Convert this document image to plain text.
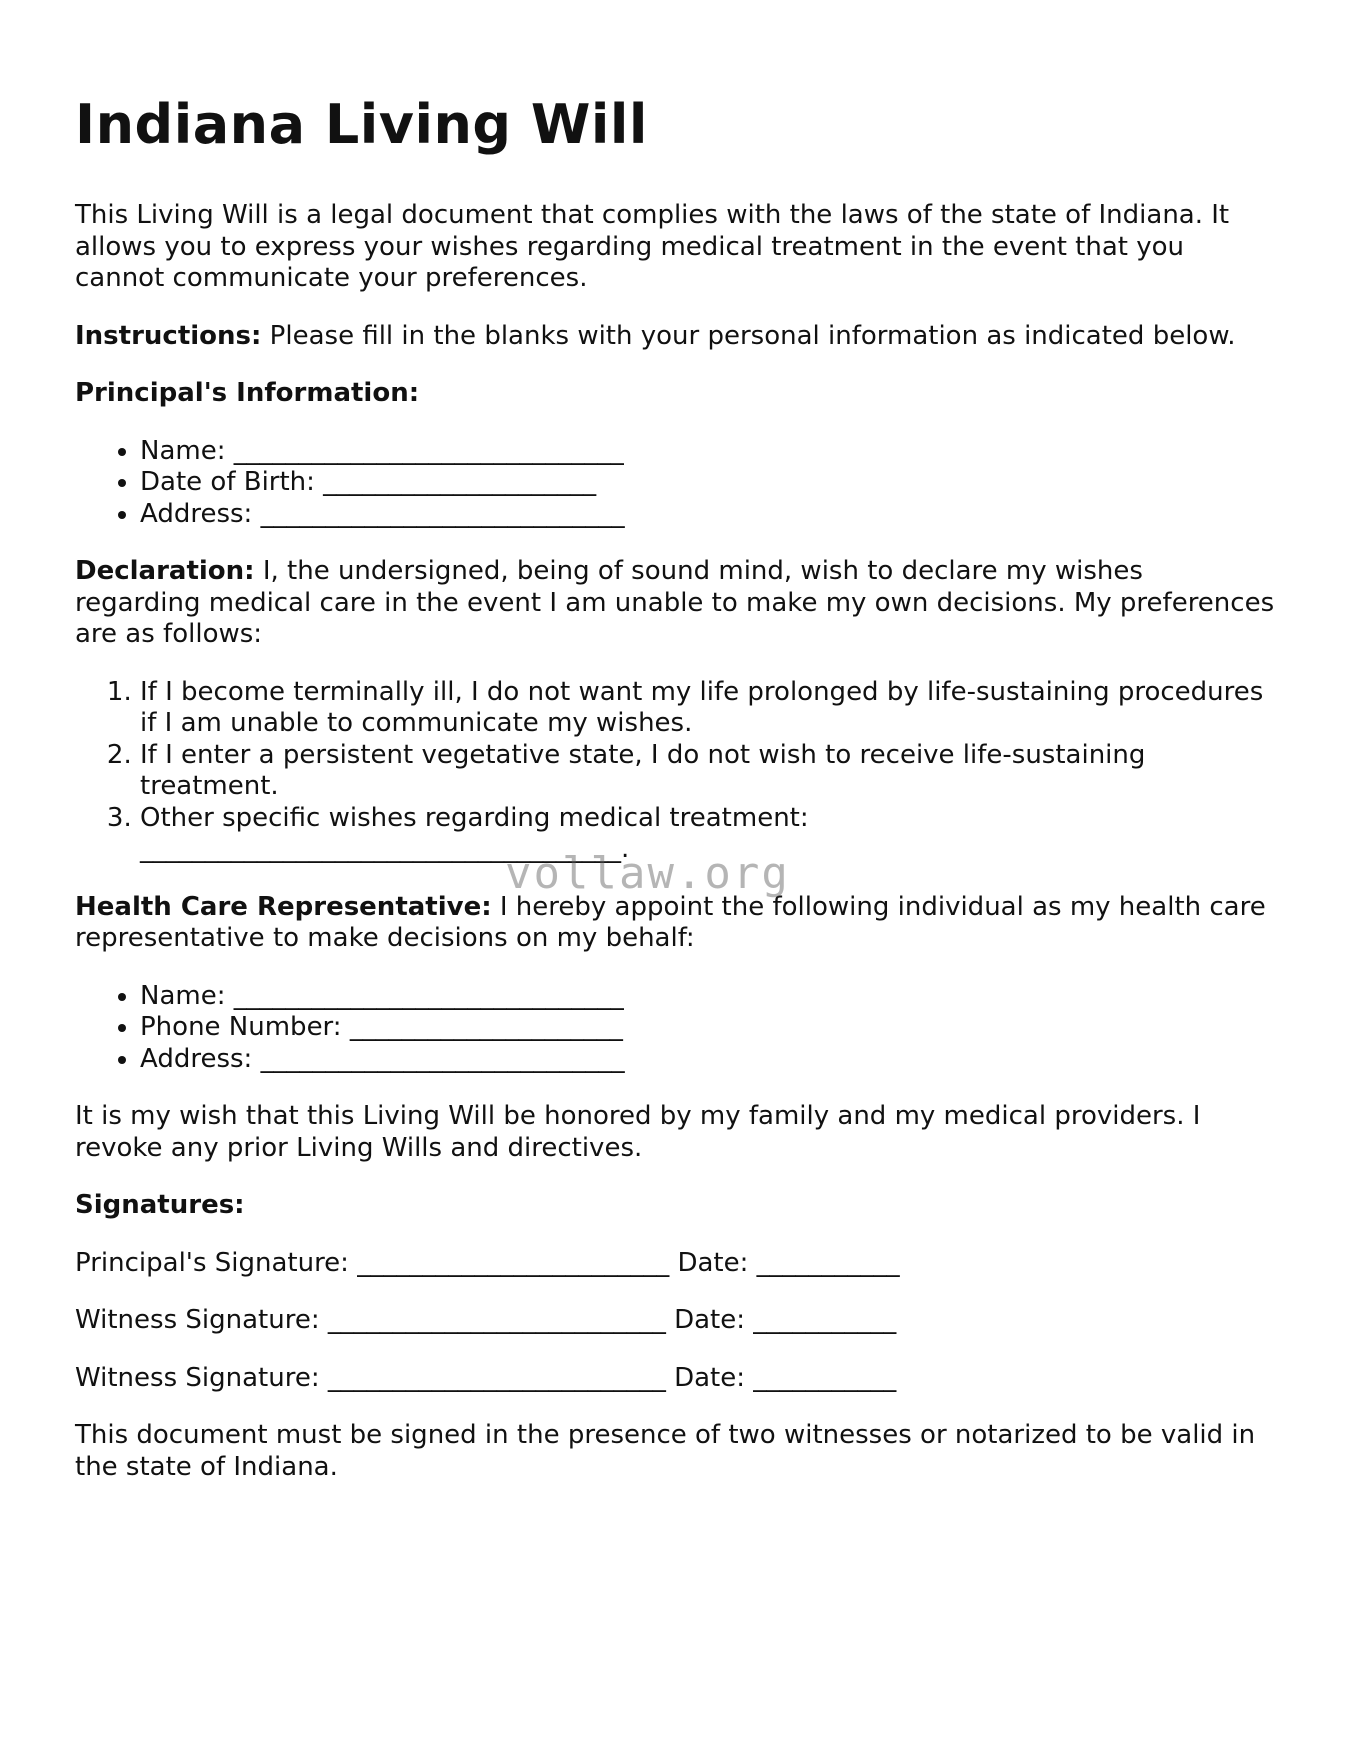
Indiana Living Will

This Living Will is a legal document that complies with the laws of the state of Indiana. It allows you to express your wishes regarding medical treatment in the event that you cannot communicate your preferences.

Instructions: Please fill in the blanks with your personal information as indicated below.

Principal's Information:

• Name: ______________________________
• Date of Birth: _____________________
• Address: ____________________________

Declaration: I, the undersigned, being of sound mind, wish to declare my wishes regarding medical care in the event I am unable to make my own decisions. My preferences are as follows:

1. If I become terminally ill, I do not want my life prolonged by life-sustaining procedures if I am unable to communicate my wishes.
2. If I enter a persistent vegetative state, I do not wish to receive life-sustaining treatment.
3. Other specific wishes regarding medical treatment: _____________________________________.

Health Care Representative: I hereby appoint the following individual as my health care representative to make decisions on my behalf:

• Name: ______________________________
• Phone Number: _____________________
• Address: ____________________________

It is my wish that this Living Will be honored by my family and my medical providers. I revoke any prior Living Wills and directives.

Signatures:

Principal's Signature: ________________________ Date: ___________

Witness Signature: __________________________ Date: ___________

Witness Signature: __________________________ Date: ___________

This document must be signed in the presence of two witnesses or notarized to be valid in the state of Indiana.

vollaw.org
